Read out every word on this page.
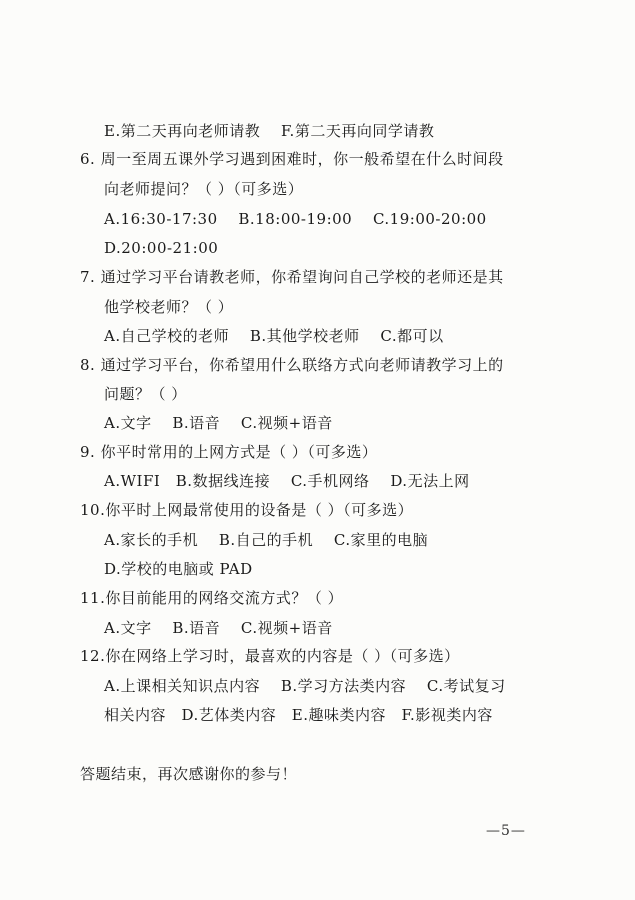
E.第二天再向老师请教　 F.第二天再向同学请教
6. 周一至周五课外学习遇到困难时，你一般希望在什么时间段
向老师提问？（ ）（可多选）
A.16:30-17:30　 B.18:00-19:00　 C.19:00-20:00
D.20:00-21:00
7. 通过学习平台请教老师，你希望询问自己学校的老师还是其
他学校老师？（ ）
A.自己学校的老师　 B.其他学校老师　 C.都可以
8. 通过学习平台，你希望用什么联络方式向老师请教学习上的
问题？（ ）
A.文字　 B.语音　 C.视频+语音
9. 你平时常用的上网方式是（ ）（可多选）
A.WIFI　B.数据线连接　 C.手机网络　 D.无法上网
10.你平时上网最常使用的设备是（ ）（可多选）
A.家长的手机　 B.自己的手机　 C.家里的电脑
D.学校的电脑或 PAD
11.你目前能用的网络交流方式？（ ）
A.文字　 B.语音　 C.视频+语音
12.你在网络上学习时，最喜欢的内容是（ ）（可多选）
A.上课相关知识点内容　 B.学习方法类内容　 C.考试复习
相关内容　D.艺体类内容　E.趣味类内容　F.影视类内容
答题结束，再次感谢你的参与！
—5—
